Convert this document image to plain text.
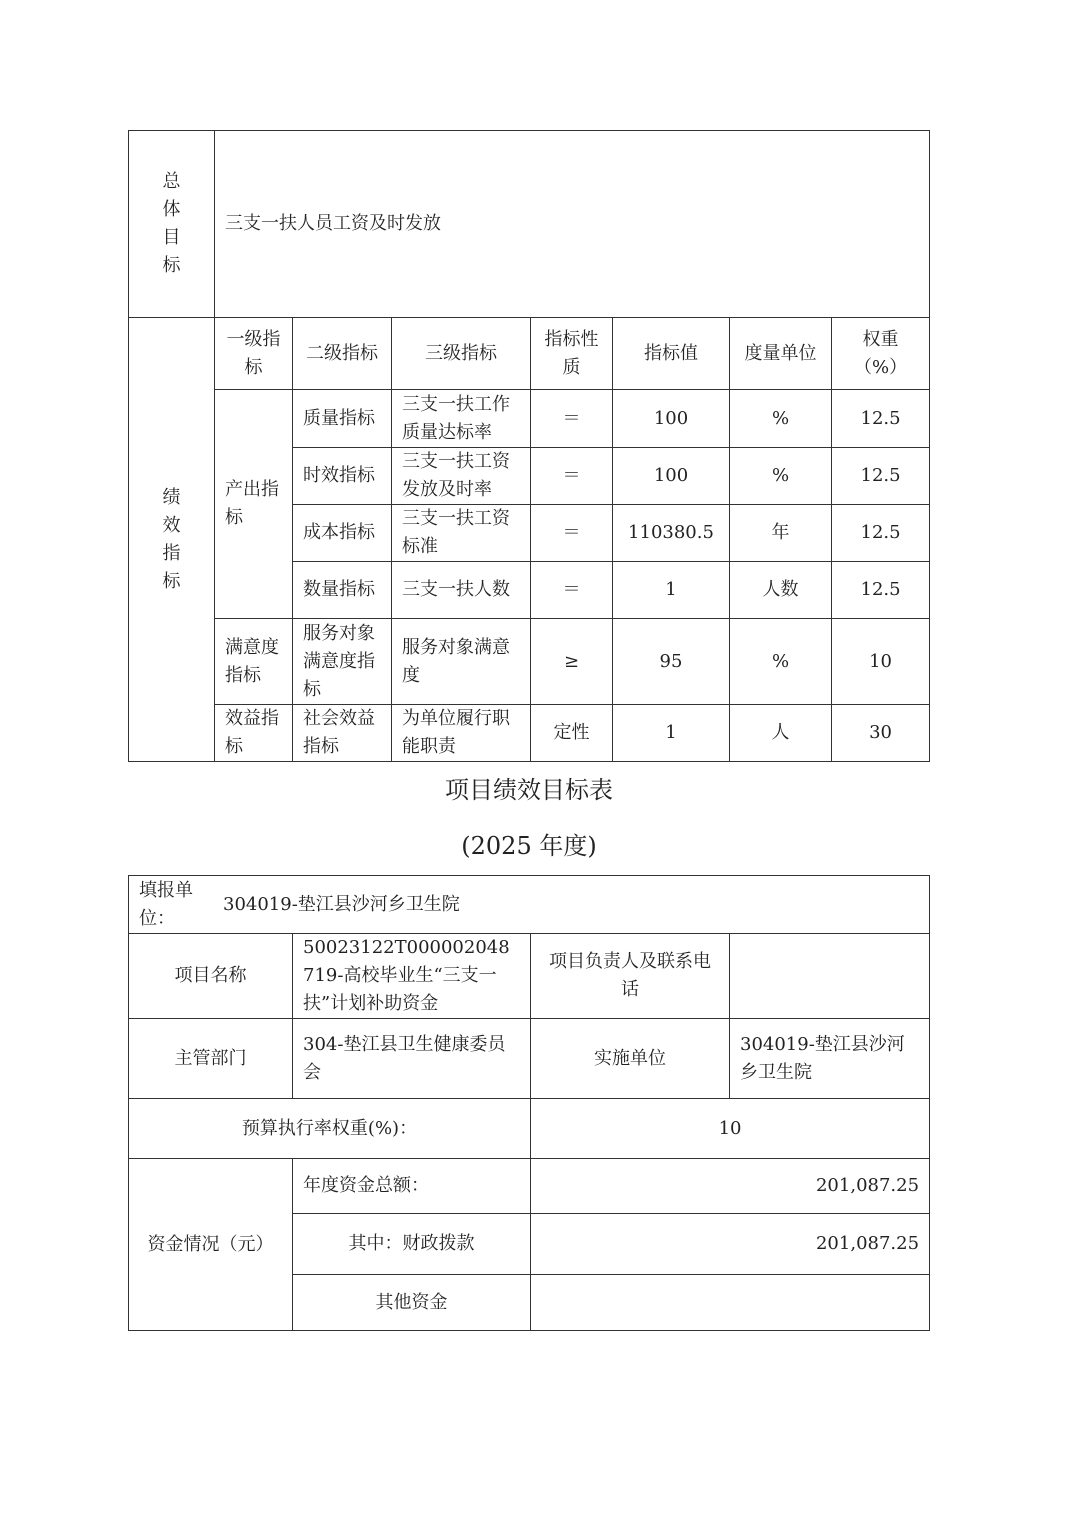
总
体
目
标	三支一扶人员工资及时发放						
绩
效
指
标	一级指标	二级指标	三级指标	指标性质	指标值	度量单位	权重（%）
	产出指标	质量指标	三支一扶工作质量达标率	＝	100	%	12.5
		时效指标	三支一扶工资发放及时率	＝	100	%	12.5
		成本指标	三支一扶工资标准	＝	110380.5	年	12.5
		数量指标	三支一扶人数	＝	1	人数	12.5
	满意度指标	服务对象满意度指标	服务对象满意度	≥	95	%	10
	效益指标	社会效益指标	为单位履行职能职责	定性	1	人	30
项目绩效目标表
(2025 年度)
填报单位：
304019-垫江县沙河乡卫生院			

项目名称	50023122T000002048719-高校毕业生“三支一扶”计划补助资金	项目负责人及联系电话	
主管部门	304-垫江县卫生健康委员会	实施单位	304019-垫江县沙河乡卫生院
预算执行率权重(%)：		10	
资金情况（元）	年度资金总额：	201,087.25	
	其中：财政拨款	201,087.25	
	其他资金		
